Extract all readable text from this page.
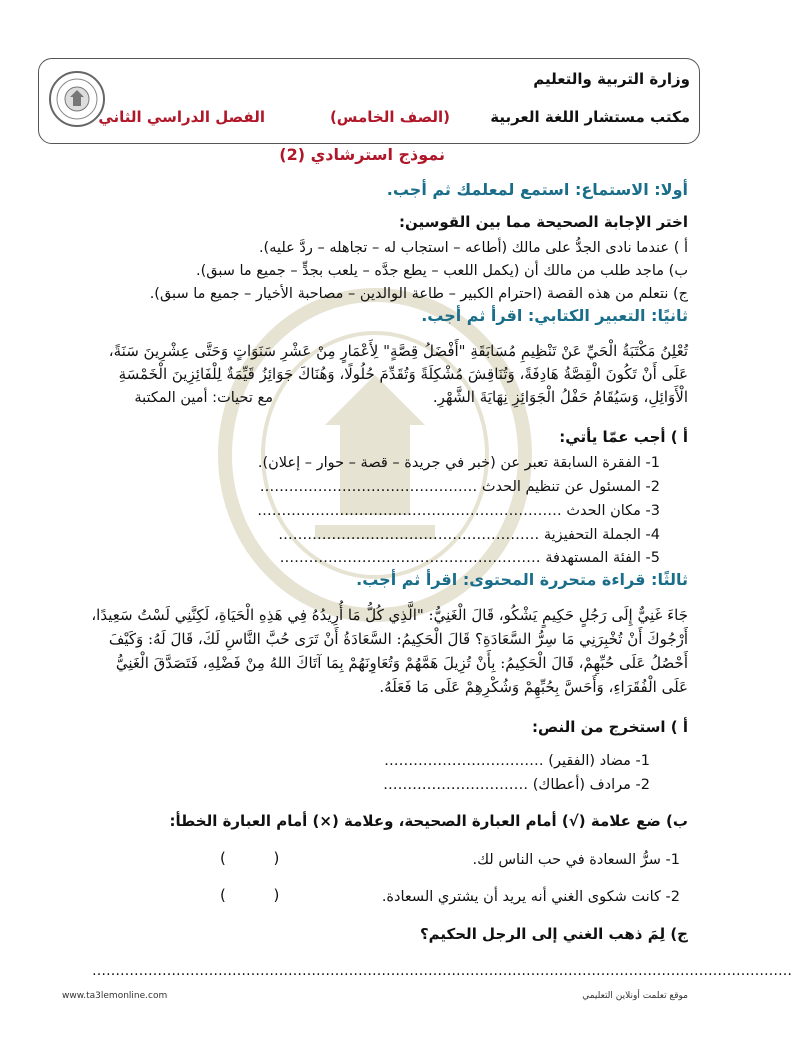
وزارة التربية والتعليم
مكتب مستشار اللغة العربية
(الصف الخامس)
الفصل الدراسي الثاني
نموذج استرشادي (2)
أولا: الاستماع: استمع لمعلمك ثم أجب.
اختر الإجابة الصحيحة مما بين القوسين:
أ ) عندما نادى الجدُّ على مالك (أطاعه – استجاب له – تجاهله – ردَّ عليه).
ب) ماجد طلب من مالك أن (يكمل اللعب – يطع جدَّه – يلعب بجدٍّ – جميع ما سبق).
ج) نتعلم من هذه القصة (احترام الكبير – طاعة الوالدين – مصاحبة الأخيار – جميع ما سبق).
ثانيًا: التعبير الكتابي: اقرأ ثم أجب.
تُعْلِنُ مَكْتَبَةُ الْحَيِّ عَنْ تَنْظِيمِ مُسَابَقَةِ "أَفْضَلُ قِصَّةٍ" لِأَعْمَارٍ مِنْ عَشْرِ سَنَوَاتٍ وَحَتَّى عِشْرِينَ سَنَةً،
عَلَى أَنْ تَكُونَ الْقِصَّةُ هَادِفَةً، وَتُنَاقِشَ مُشْكِلَةً وَتُقَدِّمَ حُلُولًا، وَهُنَاكَ جَوَائِزُ قَيِّمَةٌ لِلْفَائِزِينَ الْخَمْسَةِ
الْأَوَائِلِ، وَسَيُقَامُ حَفْلُ الْجَوَائِزِ نِهَايَةَ الشَّهْرِ.
مع تحيات: أمين المكتبة
أ ) أجب عمّا يأتي:
1- الفقرة السابقة تعبر عن (خبر في جريدة – قصة – حوار – إعلان).
2- المسئول عن تنظيم الحدث ………………………………………
3- مكان الحدث ………………………………………………………
4- الجملة التحفيزية ………………………………………………
5- الفئة المستهدفة ………………………………………………
ثالثًا: قراءة متحررة المحتوى: اقرأ ثم أجب.
جَاءَ غَنِيٌّ إِلَى رَجُلٍ حَكِيمٍ يَشْكُو، قَالَ الْغَنِيُّ: "الَّذِي كُلُّ مَا أُرِيدُهُ فِي هَذِهِ الْحَيَاةِ، لَكِنَّنِي لَسْتُ سَعِيدًا،
أَرْجُوكَ أَنْ تُخْبِرَنِي مَا سِرُّ السَّعَادَةِ؟ قَالَ الْحَكِيمُ: السَّعَادَةُ أَنْ تَرَى حُبَّ النَّاسِ لَكَ، قَالَ لَهُ: وَكَيْفَ
أَحْصُلُ عَلَى حُبِّهِمْ، قَالَ الْحَكِيمُ: بِأَنْ تُزِيلَ هَمَّهُمْ وَتُعَاوِنَهُمْ بِمَا آتَاكَ اللهُ مِنْ فَضْلِهِ، فَتَصَدَّقَ الْغَنِيُّ
عَلَى الْفُقَرَاءِ، وَأَحَسَّ بِحُبِّهِمْ وَشُكْرِهِمْ عَلَى مَا فَعَلَهُ.
أ ) استخرج من النص:
1- مضاد (الفقير) ……………………………
2- مرادف (أعطاك) …………………………
ب) ضع علامة (√) أمام العبارة الصحيحة، وعلامة (×) أمام العبارة الخطأ:
1- سرُّ السعادة في حب الناس لك.
(          )
2- كانت شكوى الغني أنه يريد أن يشتري السعادة.
(          )
ج) لِمَ ذهب الغني إلى الرجل الحكيم؟
……………………………………………………………………………………………………………………………………
www.ta3lemonline.com	موقع تعلمت أونلاين التعليمي
